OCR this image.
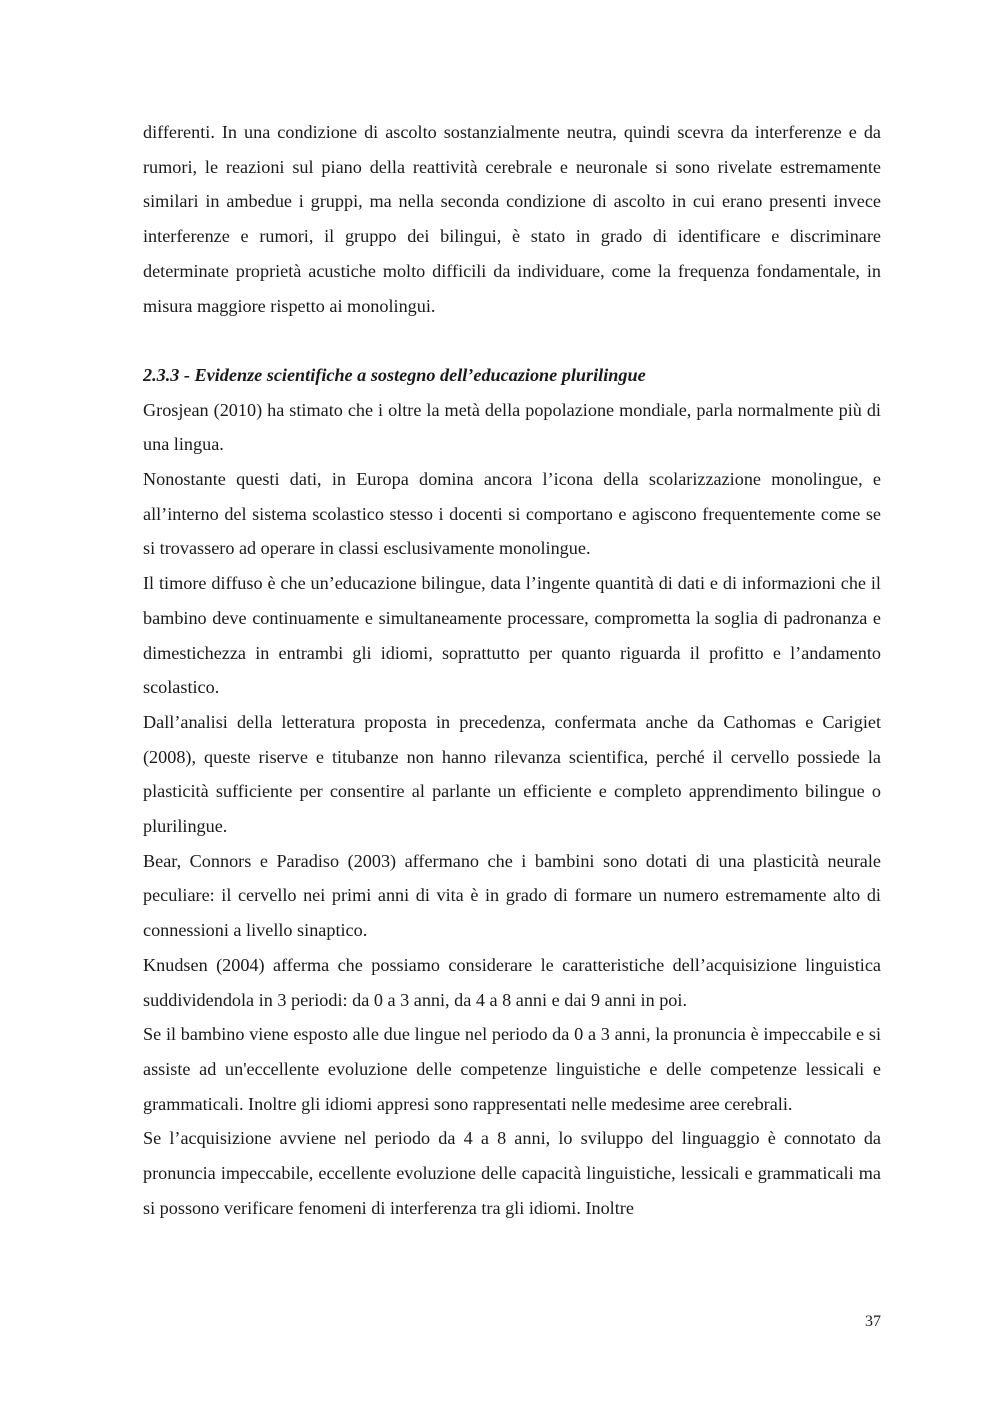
differenti. In una condizione di ascolto sostanzialmente neutra, quindi scevra da interferenze e da rumori, le reazioni sul piano della reattività cerebrale e neuronale si sono rivelate estremamente similari in ambedue i gruppi, ma nella seconda condizione di ascolto in cui erano presenti invece interferenze e rumori, il gruppo dei bilingui, è stato in grado di identificare e discriminare determinate proprietà acustiche molto difficili da individuare, come la frequenza fondamentale, in misura maggiore rispetto ai monolingui.

2.3.3 - Evidenze scientifiche a sostegno dell’educazione plurilingue

Grosjean (2010) ha stimato che i oltre la metà della popolazione mondiale, parla normalmente più di una lingua.

Nonostante questi dati, in Europa domina ancora l’icona della scolarizzazione monolingue, e all’interno del sistema scolastico stesso i docenti si comportano e agiscono frequentemente come se si trovassero ad operare in classi esclusivamente monolingue.

Il timore diffuso è che un’educazione bilingue, data l’ingente quantità di dati e di informazioni che il bambino deve continuamente e simultaneamente processare, comprometta la soglia di padronanza e dimestichezza in entrambi gli idiomi, soprattutto per quanto riguarda il profitto e l’andamento scolastico.

Dall’analisi della letteratura proposta in precedenza, confermata anche da Cathomas e Carigiet (2008), queste riserve e titubanze non hanno rilevanza scientifica, perché il cervello possiede la plasticità sufficiente per consentire al parlante un efficiente e completo apprendimento bilingue o plurilingue.

Bear, Connors e Paradiso (2003) affermano che i bambini sono dotati di una plasticità neurale peculiare: il cervello nei primi anni di vita è in grado di formare un numero estremamente alto di connessioni a livello sinaptico.

Knudsen (2004) afferma che possiamo considerare le caratteristiche dell’acquisizione linguistica suddividendola in 3 periodi: da 0 a 3 anni, da 4 a 8 anni e dai 9 anni in poi.

Se il bambino viene esposto alle due lingue nel periodo da 0 a 3 anni, la pronuncia è impeccabile e si assiste ad un'eccellente evoluzione delle competenze linguistiche e delle competenze lessicali e grammaticali. Inoltre gli idiomi appresi sono rappresentati nelle medesime aree cerebrali.

Se l’acquisizione avviene nel periodo da 4 a 8 anni, lo sviluppo del linguaggio è connotato da pronuncia impeccabile, eccellente evoluzione delle capacità linguistiche, lessicali e grammaticali ma si possono verificare fenomeni di interferenza tra gli idiomi. Inoltre

37
